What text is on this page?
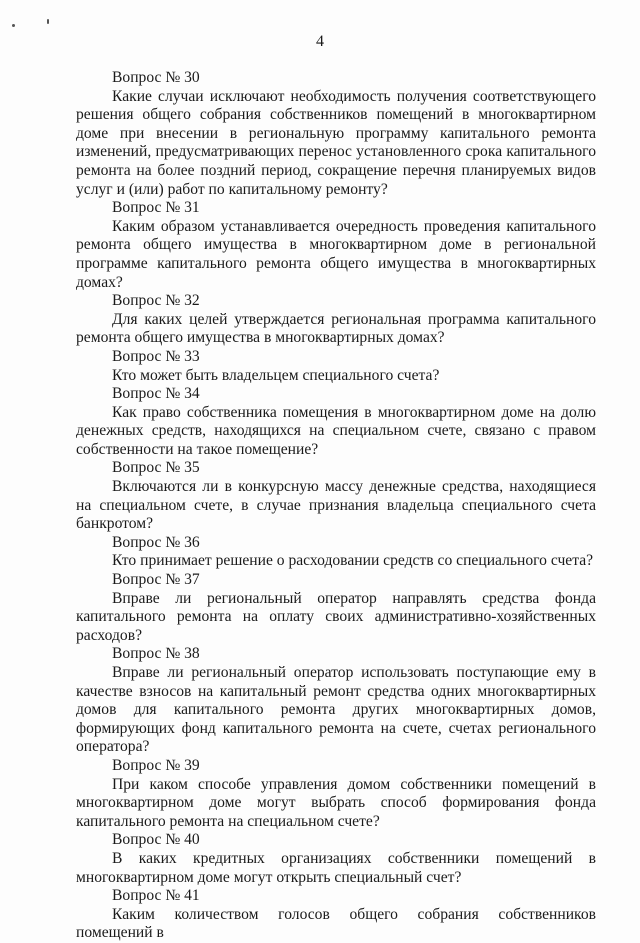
4
Вопрос № 30

Какие случаи исключают необходимость получения соответствующего решения общего собрания собственников помещений в многоквартирном доме при внесении в региональную программу капитального ремонта изменений, предусматривающих перенос установленного срока капитального ремонта на более поздний период, сокращение перечня планируемых видов услуг и (или) работ по капитальному ремонту?

Вопрос № 31

Каким образом устанавливается очередность проведения капитального ремонта общего имущества в многоквартирном доме в региональной программе капитального ремонта общего имущества в многоквартирных домах?

Вопрос № 32

Для каких целей утверждается региональная программа капитального ремонта общего имущества в многоквартирных домах?

Вопрос № 33

Кто может быть владельцем специального счета?

Вопрос № 34

Как право собственника помещения в многоквартирном доме на долю денежных средств, находящихся на специальном счете, связано с правом собственности на такое помещение?

Вопрос № 35

Включаются ли в конкурсную массу денежные средства, находящиеся на специальном счете, в случае признания владельца специального счета банкротом?

Вопрос № 36

Кто принимает решение о расходовании средств со специального счета?

Вопрос № 37

Вправе ли региональный оператор направлять средства фонда капитального ремонта на оплату своих административно-хозяйственных расходов?

Вопрос № 38

Вправе ли региональный оператор использовать поступающие ему в качестве взносов на капитальный ремонт средства одних многоквартирных домов для капитального ремонта других многоквартирных домов, формирующих фонд капитального ремонта на счете, счетах регионального оператора?

Вопрос № 39

При каком способе управления домом собственники помещений в многоквартирном доме могут выбрать способ формирования фонда капитального ремонта на специальном счете?

Вопрос № 40

В каких кредитных организациях собственники помещений в многоквартирном доме могут открыть специальный счет?

Вопрос № 41

Каким количеством голосов общего собрания собственников помещений в
